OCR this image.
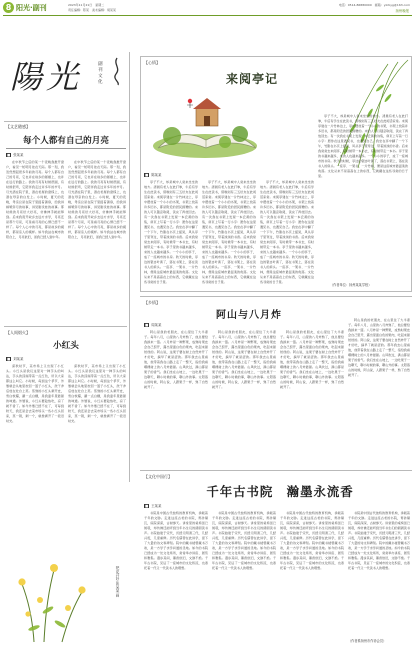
8 阳光·副刊	2023年11月21日　星期二
责任编辑：陈某　美术编辑：胡某某
电话：0514-86880000　邮箱：yzrbyg@163.com
扬州晚报
陽光	副刊 文化
【文艺随感】
每个人都有自己的月亮
■ 张某某

在中秋节之后的某一个夜晚我推开窗户，看见一轮明月挂在天际。那一刻，我忽然想起很多年前的月亮。每个人都有自己的月亮，它也许在故乡的屋檐上，也许在远行的路上。我的月亮有时候很圆，有时候很弯，它陪伴我走过许多年的岁月。月光洒在院子里，洒在老屋的窗棂上，也洒在母亲的白发上。小时候，夏天的夜晚，母亲总是在院子里摇着蒲扇，给我讲嫦娥奔月的故事，讲吴刚伐桂的故事。那时候的月亮好大好亮，仿佛伸手就能够到。后来我离开故乡去远方求学，月亮还是那个月亮，可是看月亮的心情已经不一样了。每个人心中的月亮，都是故乡的模样，都是亲人的模样。如今我站在城市的阳台上，月亮依旧，而我已经人到中年。

在中秋节之后的某一个夜晚我推开窗户，看见一轮明月挂在天际。那一刻，我忽然想起很多年前的月亮。每个人都有自己的月亮，它也许在故乡的屋檐上，也许在远行的路上。我的月亮有时候很圆，有时候很弯，它陪伴我走过许多年的岁月。月光洒在院子里，洒在老屋的窗棂上，也洒在母亲的白发上。小时候，夏天的夜晚，母亲总是在院子里摇着蒲扇，给我讲嫦娥奔月的故事，讲吴刚伐桂的故事。那时候的月亮好大好亮，仿佛伸手就能够到。后来我离开故乡去远方求学，月亮还是那个月亮，可是看月亮的心情已经不一样了。每个人心中的月亮，都是故乡的模样，都是亲人的模样。如今我站在城市的阳台上，月亮依旧，而我已经人到中年。

【心情】
来阅亭记
■ 陈某某

亭子不大，却是城中人常来坐坐的地方。清晨有老人在此打拳，午后有学生在此读书，傍晚则有三五好友在此闲话家常。来阅亭建在一片竹林边上，亭中摆放着一个小小的书架，书架上放着许多旧书，都是附近的居民捐赠的。来的人可以随意取阅，读完了再放回去。有一次我在书架上发现一本泛黄的诗集，扉页上写着一行小字：愿你在这里遇见书，也遇见自己。我坐在亭中翻了一个下午，竹影在书页上摇晃，风从亭子里穿过，带着淡淡的书香。后来我常常去来阅亭，有时候带一本书去，有时候带走一本书。亭子里的书越来越多，来的人也越来越多。一个小小的亭子，成了一座城市的书房。秋天的时候，亭边的银杏叶黄了，落在书架上，落在读书人的肩头。一座亭、一架书、一片竹林，便是这座城市最温柔的角落。文化从来不是高高在上的东西，它就藏在这些寻常的日子里。

亭子不大，却是城中人常来坐坐的地方。清晨有老人在此打拳，午后有学生在此读书，傍晚则有三五好友在此闲话家常。来阅亭建在一片竹林边上，亭中摆放着一个小小的书架，书架上放着许多旧书，都是附近的居民捐赠的。来的人可以随意取阅，读完了再放回去。有一次我在书架上发现一本泛黄的诗集，扉页上写着一行小字：愿你在这里遇见书，也遇见自己。我坐在亭中翻了一个下午，竹影在书页上摇晃，风从亭子里穿过，带着淡淡的书香。后来我常常去来阅亭，有时候带一本书去，有时候带走一本书。亭子里的书越来越多，来的人也越来越多。一个小小的亭子，成了一座城市的书房。秋天的时候，亭边的银杏叶黄了，落在书架上，落在读书人的肩头。一座亭、一架书、一片竹林，便是这座城市最温柔的角落。文化从来不是高高在上的东西，它就藏在这些寻常的日子里。

亭子不大，却是城中人常来坐坐的地方。清晨有老人在此打拳，午后有学生在此读书，傍晚则有三五好友在此闲话家常。来阅亭建在一片竹林边上，亭中摆放着一个小小的书架，书架上放着许多旧书，都是附近的居民捐赠的。来的人可以随意取阅，读完了再放回去。有一次我在书架上发现一本泛黄的诗集，扉页上写着一行小字：愿你在这里遇见书，也遇见自己。我坐在亭中翻了一个下午，竹影在书页上摇晃，风从亭子里穿过，带着淡淡的书香。后来我常常去来阅亭，有时候带一本书去，有时候带走一本书。亭子里的书越来越多，来的人也越来越多。一个小小的亭子，成了一座城市的书房。秋天的时候，亭边的银杏叶黄了，落在书架上，落在读书人的肩头。一座亭、一架书、一片竹林，便是这座城市最温柔的角落。文化从来不是高高在上的东西，它就藏在这些寻常的日子里。

亭子不大，却是城中人常来坐坐的地方。清晨有老人在此打拳，午后有学生在此读书，傍晚则有三五好友在此闲话家常。来阅亭建在一片竹林边上，亭中摆放着一个小小的书架，书架上放着许多旧书，都是附近的居民捐赠的。来的人可以随意取阅，读完了再放回去。有一次我在书架上发现一本泛黄的诗集，扉页上写着一行小字：愿你在这里遇见书，也遇见自己。我坐在亭中翻了一个下午，竹影在书页上摇晃，风从亭子里穿过，带着淡淡的书香。后来我常常去来阅亭，有时候带一本书去，有时候带走一本书。亭子里的书越来越多，来的人也越来越多。一个小小的亭子，成了一座城市的书房。秋天的时候，亭边的银杏叶黄了，落在书架上，落在读书人的肩头。一座亭、一架书、一片竹林，便是这座城市最温柔的角落。文化从来不是高高在上的东西，它就藏在这些寻常的日子里。

（作者单位：扬州某某学校）
【人间烟火】
小红头
■ 刘某某

深秋时节，菜市场上又出现了小红头。小红头是我们这里对一种芋头的叫法，芋头的顶端带着一点红色，所以大家都这么叫它。小时候，每到这个季节，外婆就会从地里挖回一篮子小红头，洗干净后放在灶台上蒸。蒸熟的小红头剥开皮，雪白软糯，蘸一点白糖，是我童年里最甜的味道。外婆说，小红头要趁热吃，凉了就不香了。如今外婆已经不在了，可每到秋天，我还是会去菜市场买一些小红头回家，蒸一锅，剥一个，就像剥开了一段旧时光。

深秋时节，菜市场上又出现了小红头。小红头是我们这里对一种芋头的叫法，芋头的顶端带着一点红色，所以大家都这么叫它。小时候，每到这个季节，外婆就会从地里挖回一篮子小红头，洗干净后放在灶台上蒸。蒸熟的小红头剥开皮，雪白软糯，蘸一点白糖，是我童年里最甜的味道。外婆说，小红头要趁热吃，凉了就不香了。如今外婆已经不在了，可每到秋天，我还是会去菜市场买一些小红头回家，蒸一锅，剥一个，就像剥开了一段旧时光。

把花开好 张某某 画
【乡情】
阿山与八月炸
■ 周某某

阿山是我的老朋友，在山里住了大半辈子。每年八月，山里的八月炸熟了，他总要给我捎来一篮。八月炸是一种野果，成熟时果皮会自己裂开，露出里面白色的果肉，吃起来甜丝丝的。阿山说，这果子要在树上自然炸开了才好吃，摘早了就是涩的。那年我去山里看他，他带着我在山路上走了一整天，指给我看哪棵树上的八月炸最甜。山风吹过，满山都是果子的香气。我们坐在山坡上，一边吃果子一边聊天，聊小时候的事，聊山外的事。太阳落山的时候，阿山说，人跟果子一样，熟了自然就开了。

阿山是我的老朋友，在山里住了大半辈子。每年八月，山里的八月炸熟了，他总要给我捎来一篮。八月炸是一种野果，成熟时果皮会自己裂开，露出里面白色的果肉，吃起来甜丝丝的。阿山说，这果子要在树上自然炸开了才好吃，摘早了就是涩的。那年我去山里看他，他带着我在山路上走了一整天，指给我看哪棵树上的八月炸最甜。山风吹过，满山都是果子的香气。我们坐在山坡上，一边吃果子一边聊天，聊小时候的事，聊山外的事。太阳落山的时候，阿山说，人跟果子一样，熟了自然就开了。

阿山是我的老朋友，在山里住了大半辈子。每年八月，山里的八月炸熟了，他总要给我捎来一篮。八月炸是一种野果，成熟时果皮会自己裂开，露出里面白色的果肉，吃起来甜丝丝的。阿山说，这果子要在树上自然炸开了才好吃，摘早了就是涩的。那年我去山里看他，他带着我在山路上走了一整天，指给我看哪棵树上的八月炸最甜。山风吹过，满山都是果子的香气。我们坐在山坡上，一边吃果子一边聊天，聊小时候的事，聊山外的事。太阳落山的时候，阿山说，人跟果子一样，熟了自然就开了。

阿山是我的老朋友，在山里住了大半辈子。每年八月，山里的八月炸熟了，他总要给我捎来一篮。八月炸是一种野果，成熟时果皮会自己裂开，露出里面白色的果肉，吃起来甜丝丝的。阿山说，这果子要在树上自然炸开了才好吃，摘早了就是涩的。那年我去山里看他，他带着我在山路上走了一整天，指给我看哪棵树上的八月炸最甜。山风吹过，满山都是果子的香气。我们坐在山坡上，一边吃果子一边聊天，聊小时候的事，聊山外的事。太阳落山的时候，阿山说，人跟果子一样，熟了自然就开了。

【文化中国行】
千年古书院　瀚墨永流香
■ 王某某

书院是中国古代独特的教育机构，承载着千年的文脉。走进这座古老的书院，青砖黛瓦，庭院深深，古树参天。讲堂里的桌椅虽已斑驳，却仿佛还能听到当年书生们的朗朗读书声。书院始建于宋代，历经元明清三代，几经兴废，几度重修。历代名儒曾在此讲学，留下了大量的诗文和碑刻。院中的藏书楼曾藏书万卷，是一方学子求学问道的圣地。如今的书院已经成为一处文化场所，常常举办讲座、展览和雅集。漫步其间，墨香依旧，文脉不绝。千年古书院，见证了一座城市的文化积淀，也寄托着一代又一代读书人的理想。

书院是中国古代独特的教育机构，承载着千年的文脉。走进这座古老的书院，青砖黛瓦，庭院深深，古树参天。讲堂里的桌椅虽已斑驳，却仿佛还能听到当年书生们的朗朗读书声。书院始建于宋代，历经元明清三代，几经兴废，几度重修。历代名儒曾在此讲学，留下了大量的诗文和碑刻。院中的藏书楼曾藏书万卷，是一方学子求学问道的圣地。如今的书院已经成为一处文化场所，常常举办讲座、展览和雅集。漫步其间，墨香依旧，文脉不绝。千年古书院，见证了一座城市的文化积淀，也寄托着一代又一代读书人的理想。

书院是中国古代独特的教育机构，承载着千年的文脉。走进这座古老的书院，青砖黛瓦，庭院深深，古树参天。讲堂里的桌椅虽已斑驳，却仿佛还能听到当年书生们的朗朗读书声。书院始建于宋代，历经元明清三代，几经兴废，几度重修。历代名儒曾在此讲学，留下了大量的诗文和碑刻。院中的藏书楼曾藏书万卷，是一方学子求学问道的圣地。如今的书院已经成为一处文化场所，常常举办讲座、展览和雅集。漫步其间，墨香依旧，文脉不绝。千年古书院，见证了一座城市的文化积淀，也寄托着一代又一代读书人的理想。

书院是中国古代独特的教育机构，承载着千年的文脉。走进这座古老的书院，青砖黛瓦，庭院深深，古树参天。讲堂里的桌椅虽已斑驳，却仿佛还能听到当年书生们的朗朗读书声。书院始建于宋代，历经元明清三代，几经兴废，几度重修。历代名儒曾在此讲学，留下了大量的诗文和碑刻。院中的藏书楼曾藏书万卷，是一方学子求学问道的圣地。如今的书院已经成为一处文化场所，常常举办讲座、展览和雅集。漫步其间，墨香依旧，文脉不绝。千年古书院，见证了一座城市的文化积淀，也寄托着一代又一代读书人的理想。

（作者系扬州市作协会员）
